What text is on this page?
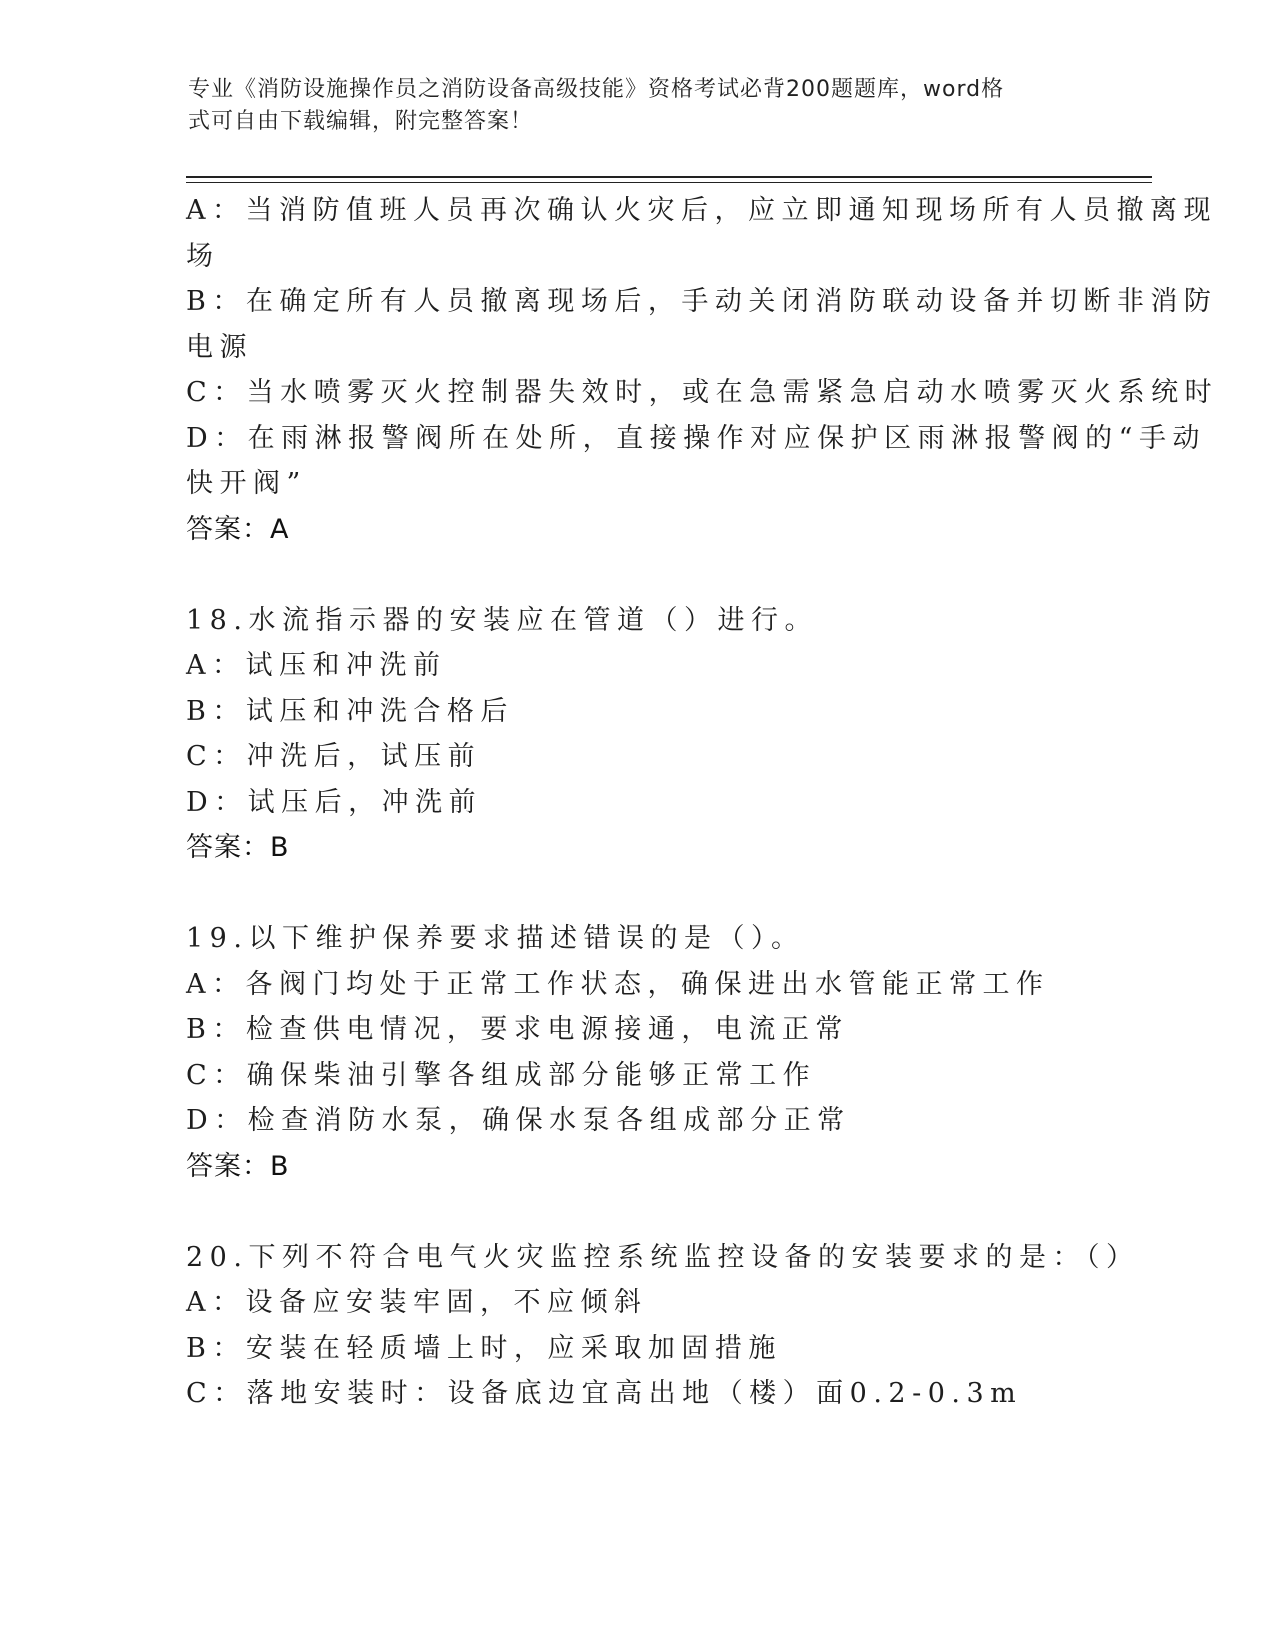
专业《消防设施操作员之消防设备高级技能》资格考试必背200题题库，word格
式可自由下载编辑，附完整答案！
A：当消防值班人员再次确认火灾后，应立即通知现场所有人员撤离现
场
B：在确定所有人员撤离现场后，手动关闭消防联动设备并切断非消防
电源
C：当水喷雾灭火控制器失效时，或在急需紧急启动水喷雾灭火系统时
D：在雨淋报警阀所在处所，直接操作对应保护区雨淋报警阀的“手动
快开阀”
答案：A
18.水流指示器的安装应在管道（）进行。
A：试压和冲洗前
B：试压和冲洗合格后
C：冲洗后，试压前
D：试压后，冲洗前
答案：B
19.以下维护保养要求描述错误的是（）。
A：各阀门均处于正常工作状态，确保进出水管能正常工作
B：检查供电情况，要求电源接通，电流正常
C：确保柴油引擎各组成部分能够正常工作
D：检查消防水泵，确保水泵各组成部分正常
答案：B
20.下列不符合电气火灾监控系统监控设备的安装要求的是：（）
A：设备应安装牢固，不应倾斜
B：安装在轻质墙上时，应采取加固措施
C：落地安装时：设备底边宜高出地（楼）面0.2-0.3m
